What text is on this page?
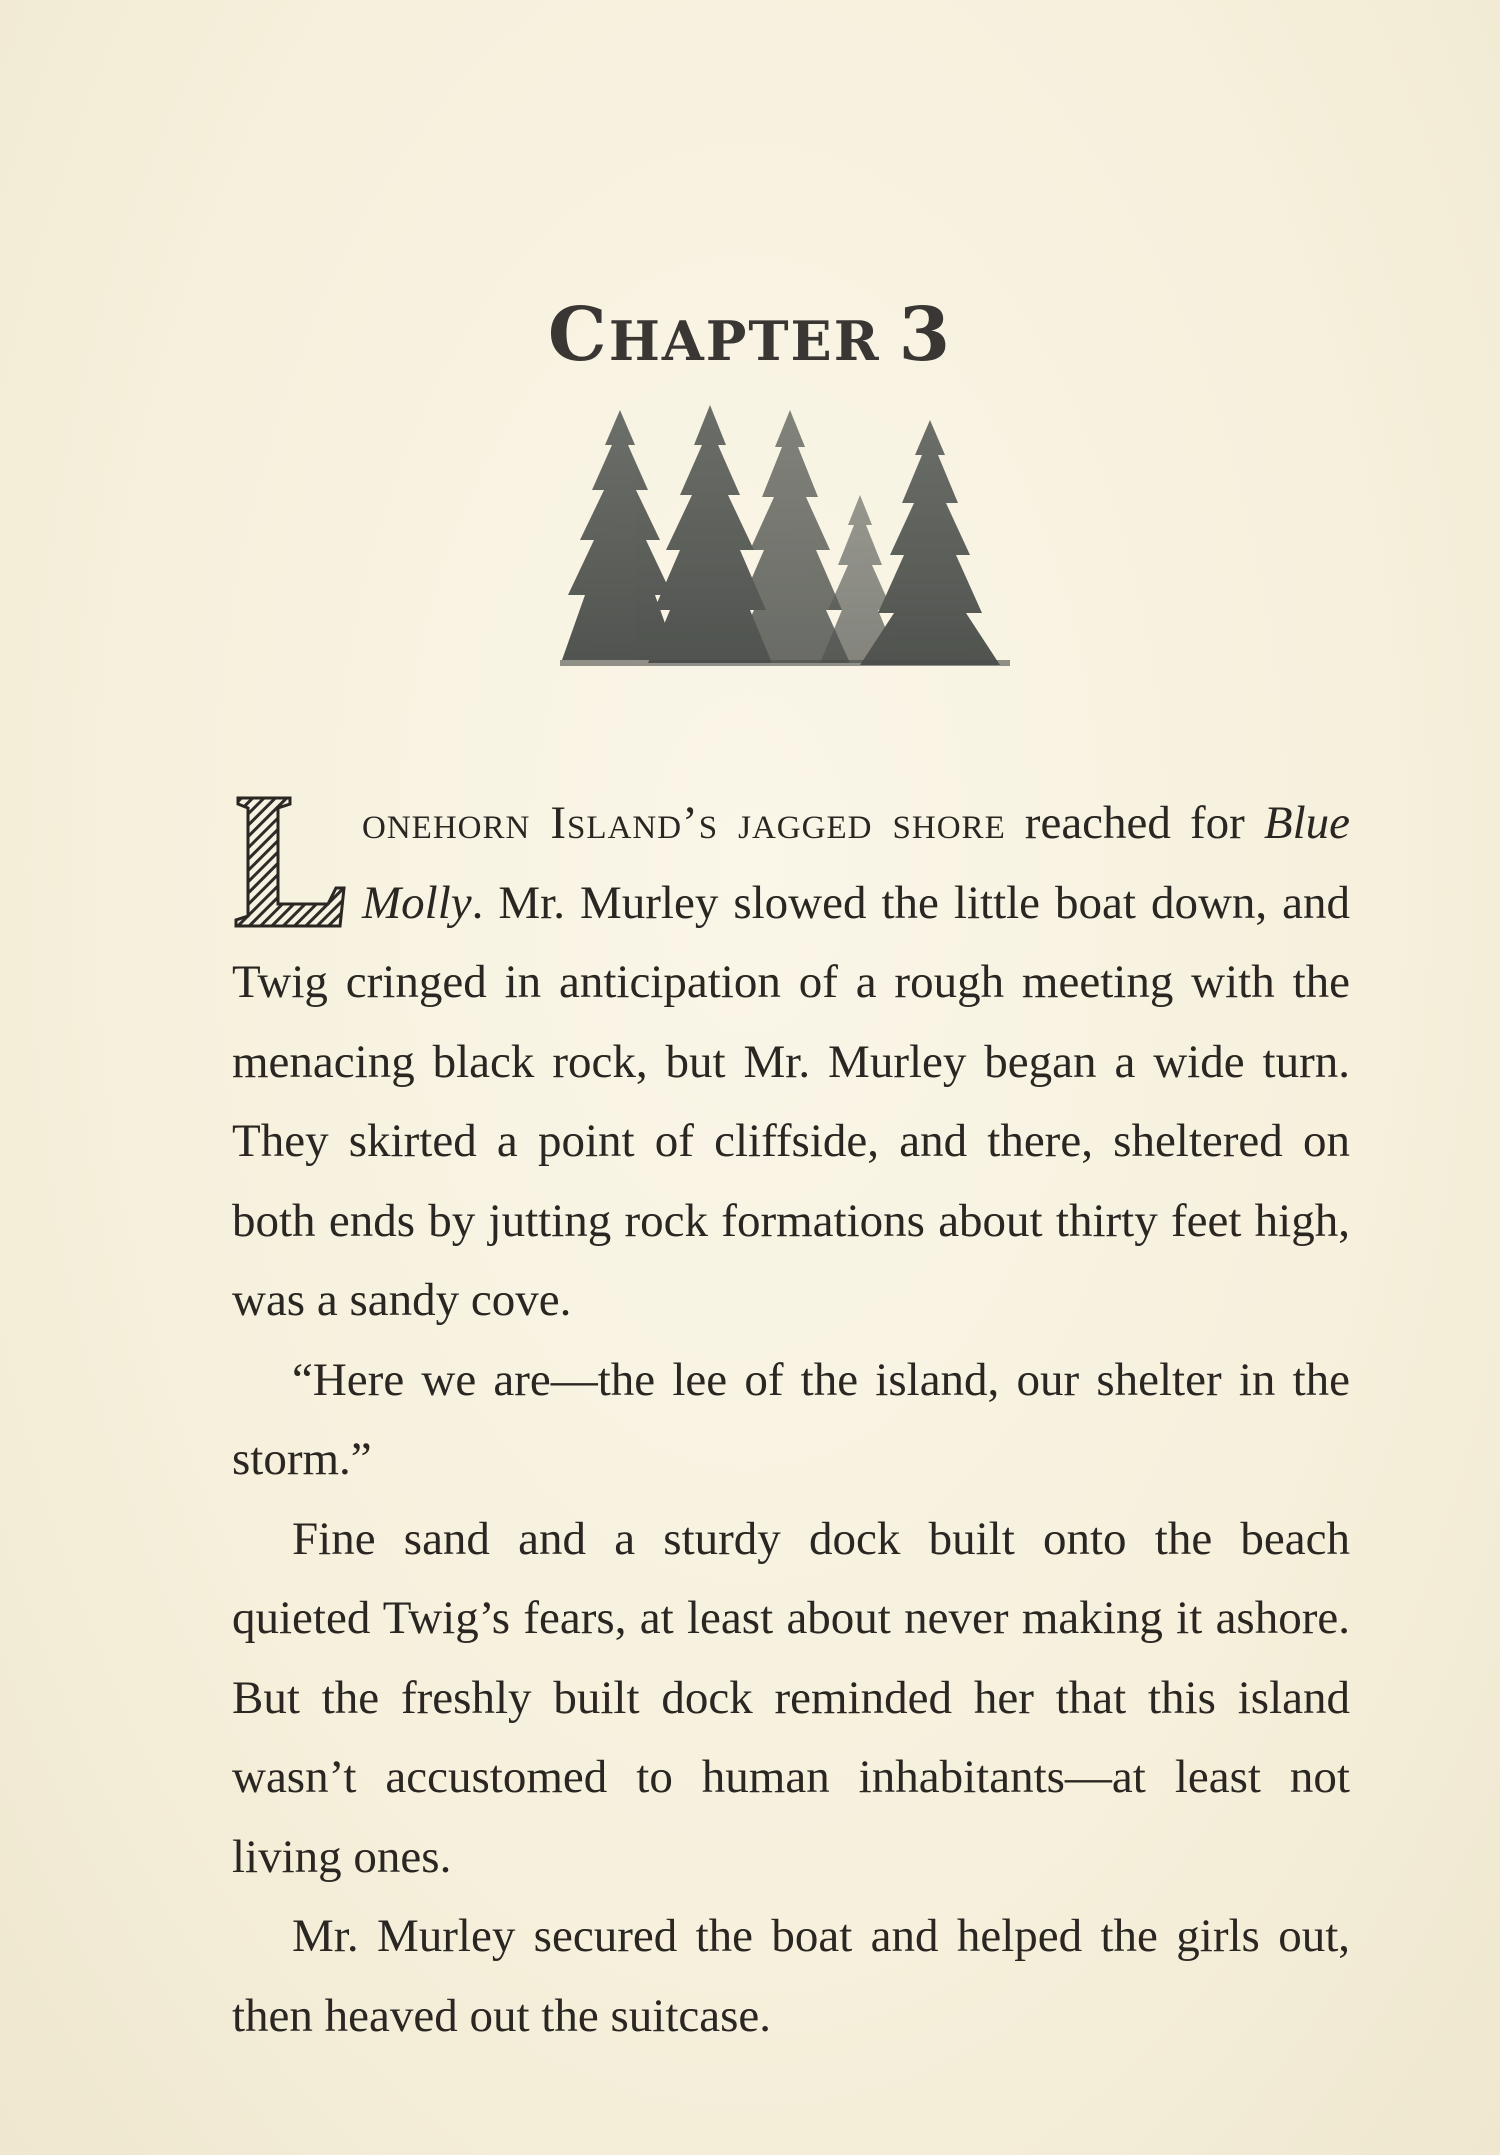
CHAPTER 3

L
onehorn Island’s jagged shore reached for Blue Molly. Mr. Murley slowed the little boat down, and Twig cringed in anticipation of a rough meeting with the menacing black rock, but Mr. Murley began a wide turn. They skirted a point of cliffside, and there, sheltered on both ends by jutting rock formations about thirty feet high, was a sandy cove.

“Here we are—the lee of the island, our shelter in the storm.”

Fine sand and a sturdy dock built onto the beach quieted Twig’s fears, at least about never making it ashore. But the freshly built dock reminded her that this island wasn’t accustomed to human inhabitants—at least not living ones.

Mr. Murley secured the boat and helped the girls out, then heaved out the suitcase.
